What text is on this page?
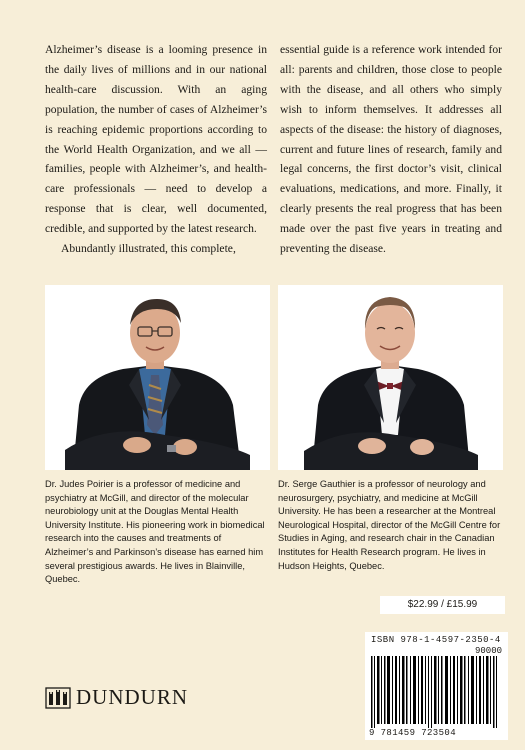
Alzheimer’s disease is a looming presence in the daily lives of millions and in our national health-care discussion. With an aging population, the number of cases of Alzheimer’s is reaching epidemic proportions according to the World Health Organization, and we all — families, people with Alzheimer’s, and health-care professionals — need to develop a response that is clear, well documented, credible, and supported by the latest research.

Abundantly illustrated, this complete,

essential guide is a reference work intended for all: parents and children, those close to people with the disease, and all others who simply wish to inform themselves. It addresses all aspects of the disease: the history of diagnoses, current and future lines of research, family and legal concerns, the first doctor’s visit, clinical evaluations, medications, and more. Finally, it clearly presents the real progress that has been made over the past five years in treating and preventing the disease.

Dr. Judes Poirier is a professor of medicine and psychiatry at McGill, and director of the molecular neurobiology unit at the Douglas Mental Health University Institute. His pioneering work in biomedical research into the causes and treatments of Alzheimer’s and Parkinson’s disease has earned him several prestigious awards. He lives in Blainville, Quebec.

Dr. Serge Gauthier is a professor of neurology and neurosurgery, psychiatry, and medicine at McGill University. He has been a researcher at the Montreal Neurological Hospital, director of the McGill Centre for Studies in Aging, and research chair in the Canadian Institutes for Health Research program. He lives in Hudson Heights, Quebec.

$22.99 / £15.99
ISBN 978-1-4597-2350-4
90000
9 781459 723504
DUNDURN
